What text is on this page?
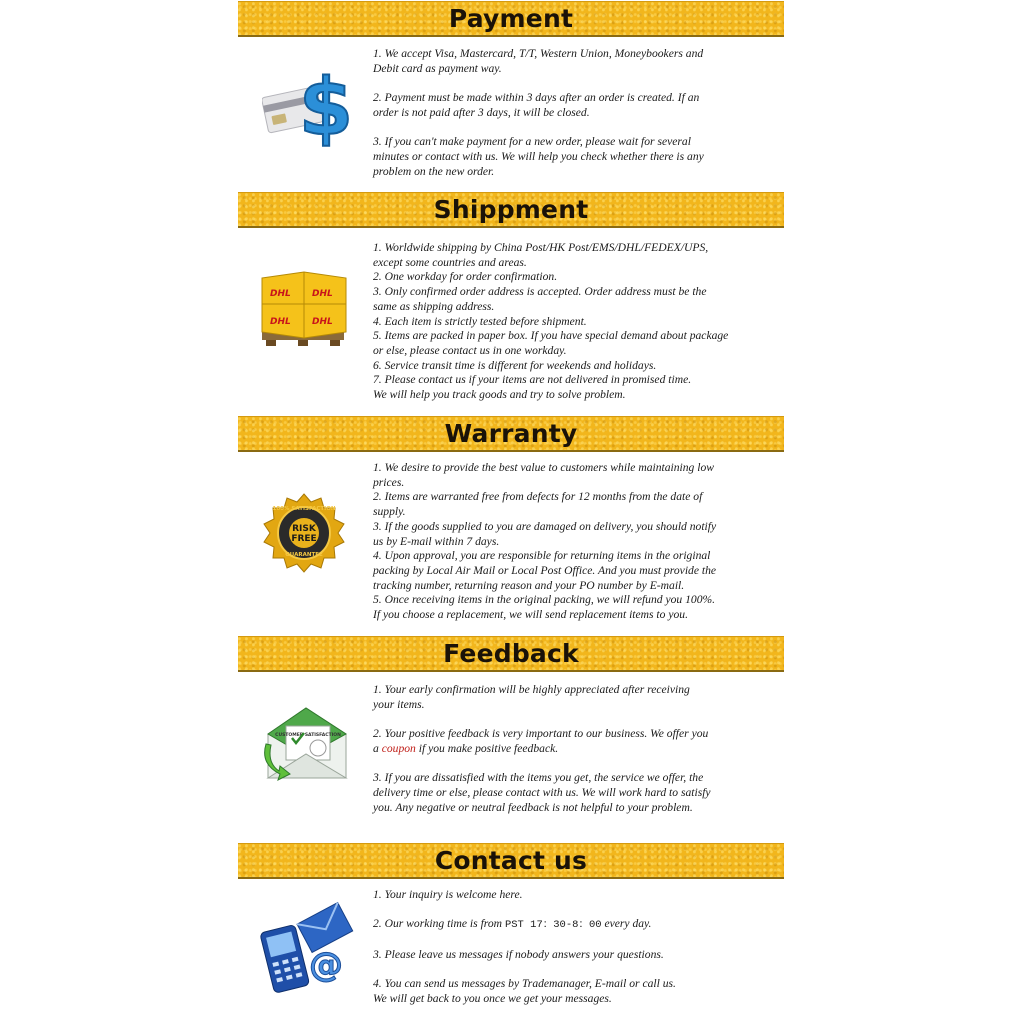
Payment
$

1. We accept Visa, Mastercard, T/T, Western Union, Moneybookers and

Debit card as payment way.

2. Payment must be made within 3 days after an order is created. If an

order is not paid after 3 days, it will be closed.

3. If you can't make payment for a new order, please wait for several

minutes or contact with us. We will help you check whether there is any

problem on the new order.

Shippment
DHL DHL
DHL DHL

1. Worldwide shipping by China Post/HK Post/EMS/DHL/FEDEX/UPS,

except some countries and areas.

2. One workday for order confirmation.

3. Only confirmed order address is accepted. Order address must be the

same as shipping address.

4. Each item is strictly tested before shipment.

5. Items are packed in paper box. If you have special demand about package

or else, please contact us in one workday.

6. Service transit time is different for weekends and holidays.

7. Please contact us if your items are not delivered in promised time.

We will help you track goods and try to solve problem.

Warranty
100% SATISFACTION
RISK
FREE
GUARANTEE

1. We desire to provide the best value to customers while maintaining low

prices.

2. Items are warranted free from defects for 12 months from the date of

supply.

3. If the goods supplied to you are damaged on delivery, you should notify

us by E-mail within 7 days.

4. Upon approval, you are responsible for returning items in the original

packing by Local Air Mail or Local Post Office. And you must provide the

tracking number, returning reason and your PO number by E-mail.

5. Once receiving items in the original packing, we will refund you 100%.

If you choose a replacement, we will send replacement items to you.

Feedback
CUSTOMER SATISFACTION

1. Your early confirmation will be highly appreciated after receiving

your items.

2. Your positive feedback is very important to our business. We offer you

a coupon if you make positive feedback.

3. If you are dissatisfied with the items you get, the service we offer, the

delivery time or else, please contact with us. We will work hard to satisfy

you. Any negative or neutral feedback is not helpful to your problem.

Contact us
@

1. Your inquiry is welcome here.

2. Our working time is from PST 17：30-8：00 every day.

3. Please leave us messages if nobody answers your questions.

4. You can send us messages by Trademanager, E-mail or call us.

We will get back to you once we get your messages.
